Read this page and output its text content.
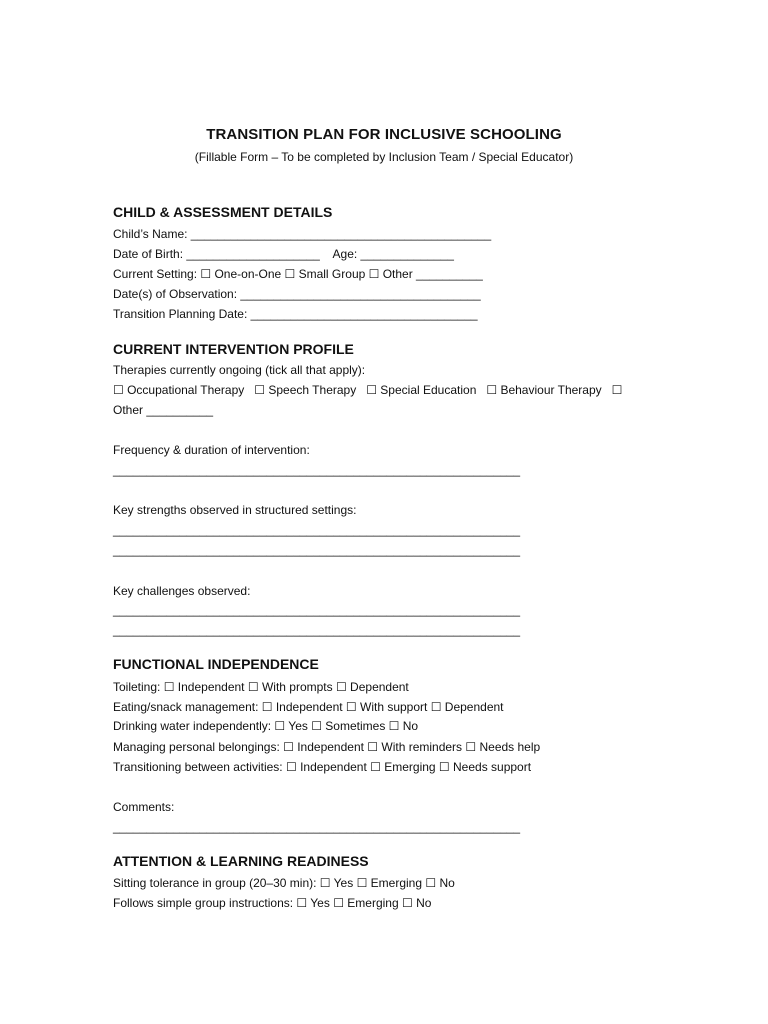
TRANSITION PLAN FOR INCLUSIVE SCHOOLING
(Fillable Form – To be completed by Inclusion Team / Special Educator)
CHILD & ASSESSMENT DETAILS
Child’s Name: _____________________________________________
Date of Birth: ____________________    Age: ______________
Current Setting: ☐ One-on-One ☐ Small Group ☐ Other __________
Date(s) of Observation: ____________________________________
Transition Planning Date: __________________________________
CURRENT INTERVENTION PROFILE
Therapies currently ongoing (tick all that apply):
☐ Occupational Therapy   ☐ Speech Therapy   ☐ Special Education   ☐ Behaviour Therapy   ☐
Other __________
Frequency & duration of intervention:
_____________________________________________________________
Key strengths observed in structured settings:
_____________________________________________________________
_____________________________________________________________
Key challenges observed:
_____________________________________________________________
_____________________________________________________________
FUNCTIONAL INDEPENDENCE
Toileting: ☐ Independent ☐ With prompts ☐ Dependent
Eating/snack management: ☐ Independent ☐ With support ☐ Dependent
Drinking water independently: ☐ Yes ☐ Sometimes ☐ No
Managing personal belongings: ☐ Independent ☐ With reminders ☐ Needs help
Transitioning between activities: ☐ Independent ☐ Emerging ☐ Needs support
Comments:
_____________________________________________________________
ATTENTION & LEARNING READINESS
Sitting tolerance in group (20–30 min): ☐ Yes ☐ Emerging ☐ No
Follows simple group instructions: ☐ Yes ☐ Emerging ☐ No
